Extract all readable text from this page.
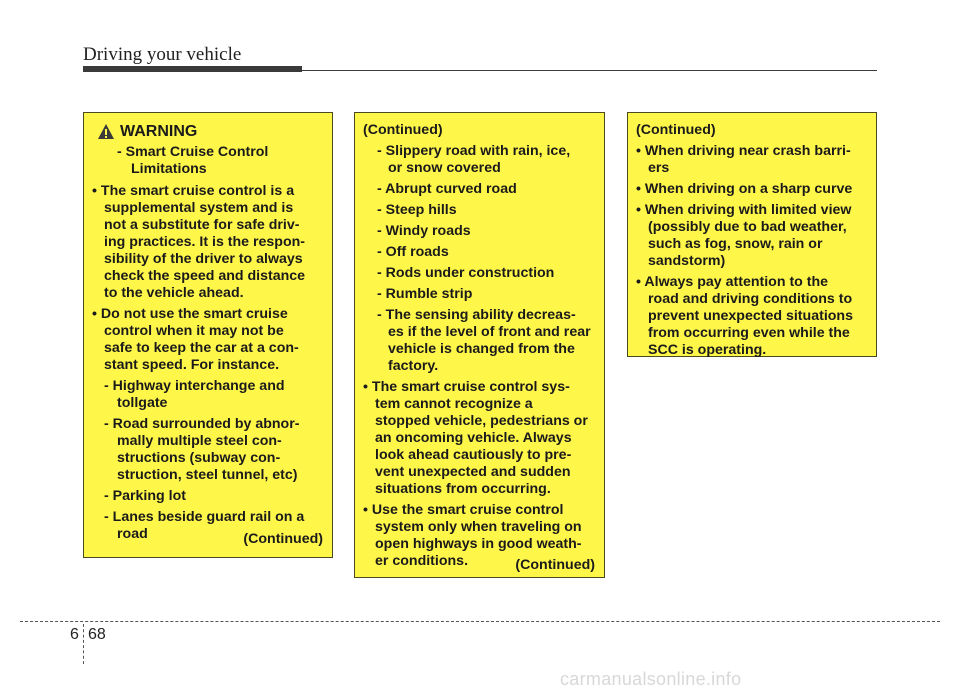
Driving your vehicle
WARNING
- Smart Cruise Control
Limitations
• The smart cruise control is a
supplemental system and is
not a substitute for safe driv-
ing practices. It is the respon-
sibility of the driver to always
check the speed and distance
to the vehicle ahead.
• Do not use the smart cruise
control when it may not be
safe to keep the car at a con-
stant speed. For instance.
- Highway interchange and
tollgate
- Road surrounded by abnor-
mally multiple steel con-
structions (subway con-
struction, steel tunnel, etc)
- Parking lot
- Lanes beside guard rail on a
road	(Continued)
(Continued)
- Slippery road with rain, ice,
or snow covered
- Abrupt curved road
- Steep hills
- Windy roads
- Off roads
- Rods under construction
- Rumble strip
- The sensing ability decreas-
es if the level of front and rear
vehicle is changed from the
factory.
• The smart cruise control sys-
tem cannot recognize a
stopped vehicle, pedestrians or
an oncoming vehicle. Always
look ahead cautiously to pre-
vent unexpected and sudden
situations from occurring.
• Use the smart cruise control
system only when traveling on
open highways in good weath-
er conditions.	(Continued)
(Continued)
• When driving near crash barri-
ers
• When driving on a sharp curve
• When driving with limited view
(possibly due to bad weather,
such as fog, snow, rain or
sandstorm)
• Always pay attention to the
road and driving conditions to
prevent unexpected situations
from occurring even while the
SCC is operating.
6 68
carmanualsonline.info
